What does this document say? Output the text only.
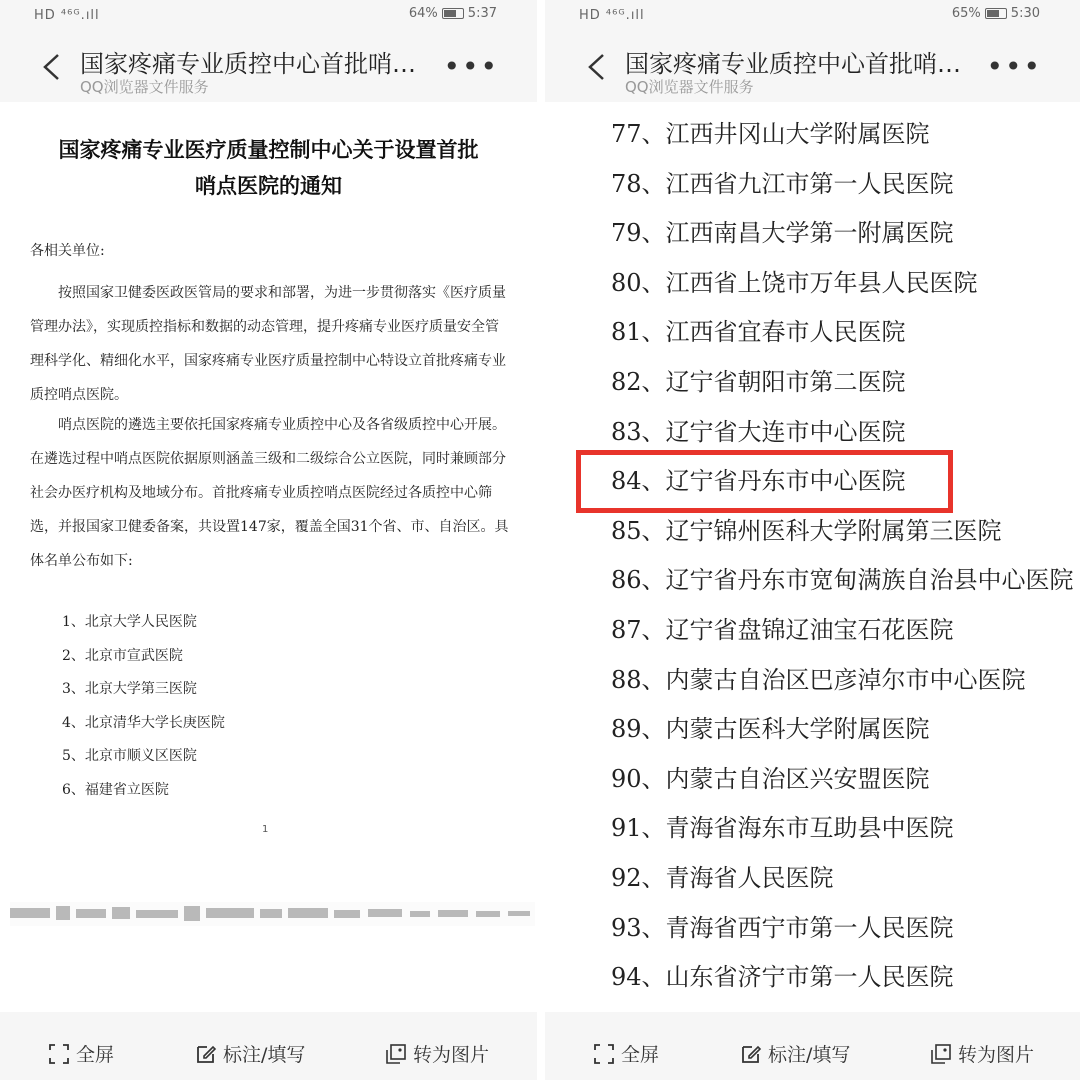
HD ⁴⁶ᴳ.ıll	64% 5:37
国家疼痛专业质控中心首批哨…
QQ浏览器文件服务
•••
国家疼痛专业医疗质量控制中心关于设置首批
哨点医院的通知
各相关单位:

按照国家卫健委医政医管局的要求和部署，为进一步贯彻落实《医疗质量管理办法》，实现质控指标和数据的动态管理，提升疼痛专业医疗质量安全管理科学化、精细化水平，国家疼痛专业医疗质量控制中心特设立首批疼痛专业质控哨点医院。

哨点医院的遴选主要依托国家疼痛专业质控中心及各省级质控中心开展。在遴选过程中哨点医院依据原则涵盖三级和二级综合公立医院，同时兼顾部分社会办医疗机构及地域分布。首批疼痛专业质控哨点医院经过各质控中心筛选，并报国家卫健委备案，共设置147家，覆盖全国31个省、市、自治区。具体名单公布如下:

1、北京大学人民医院
2、北京市宣武医院
3、北京大学第三医院
4、北京清华大学长庚医院
5、北京市顺义区医院
6、福建省立医院
1
全屏	标注/填写	转为图片
HD ⁴⁶ᴳ.ıll	65% 5:30
国家疼痛专业质控中心首批哨…
QQ浏览器文件服务
•••
77、江西井冈山大学附属医院
78、江西省九江市第一人民医院
79、江西南昌大学第一附属医院
80、江西省上饶市万年县人民医院
81、江西省宜春市人民医院
82、辽宁省朝阳市第二医院
83、辽宁省大连市中心医院
84、辽宁省丹东市中心医院
85、辽宁锦州医科大学附属第三医院
86、辽宁省丹东市宽甸满族自治县中心医院
87、辽宁省盘锦辽油宝石花医院
88、内蒙古自治区巴彦淖尔市中心医院
89、内蒙古医科大学附属医院
90、内蒙古自治区兴安盟医院
91、青海省海东市互助县中医院
92、青海省人民医院
93、青海省西宁市第一人民医院
94、山东省济宁市第一人民医院
全屏	标注/填写	转为图片
